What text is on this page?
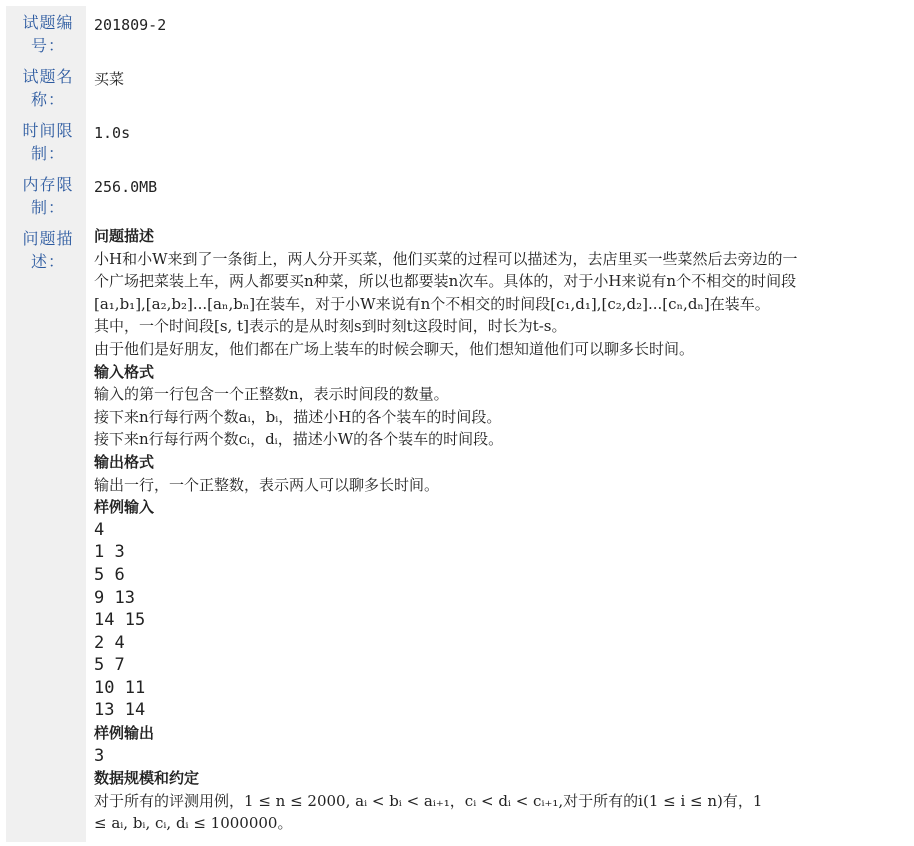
试题编号：
201809-2
试题名称：
买菜
时间限制：
1.0s
内存限制：
256.0MB
问题描述：
问题描述
小H和小W来到了一条街上，两人分开买菜，他们买菜的过程可以描述为，去店里买一些菜然后去旁边的一
个广场把菜装上车，两人都要买n种菜，所以也都要装n次车。具体的，对于小H来说有n个不相交的时间段
[a₁,b₁],[a₂,b₂]...[aₙ,bₙ]在装车，对于小W来说有n个不相交的时间段[c₁,d₁],[c₂,d₂]...[cₙ,dₙ]在装车。
其中，一个时间段[s, t]表示的是从时刻s到时刻t这段时间，时长为t-s。
由于他们是好朋友，他们都在广场上装车的时候会聊天，他们想知道他们可以聊多长时间。
输入格式
输入的第一行包含一个正整数n，表示时间段的数量。
接下来n行每行两个数aᵢ，bᵢ，描述小H的各个装车的时间段。
接下来n行每行两个数cᵢ，dᵢ，描述小W的各个装车的时间段。
输出格式
输出一行，一个正整数，表示两人可以聊多长时间。
样例输入
4
1 3
5 6
9 13
14 15
2 4
5 7
10 11
13 14
样例输出
3
数据规模和约定
对于所有的评测用例，1 ≤ n ≤ 2000, aᵢ < bᵢ < aᵢ₊₁，cᵢ < dᵢ < cᵢ₊₁,对于所有的i(1 ≤ i ≤ n)有，1
≤ aᵢ, bᵢ, cᵢ, dᵢ ≤ 1000000。
